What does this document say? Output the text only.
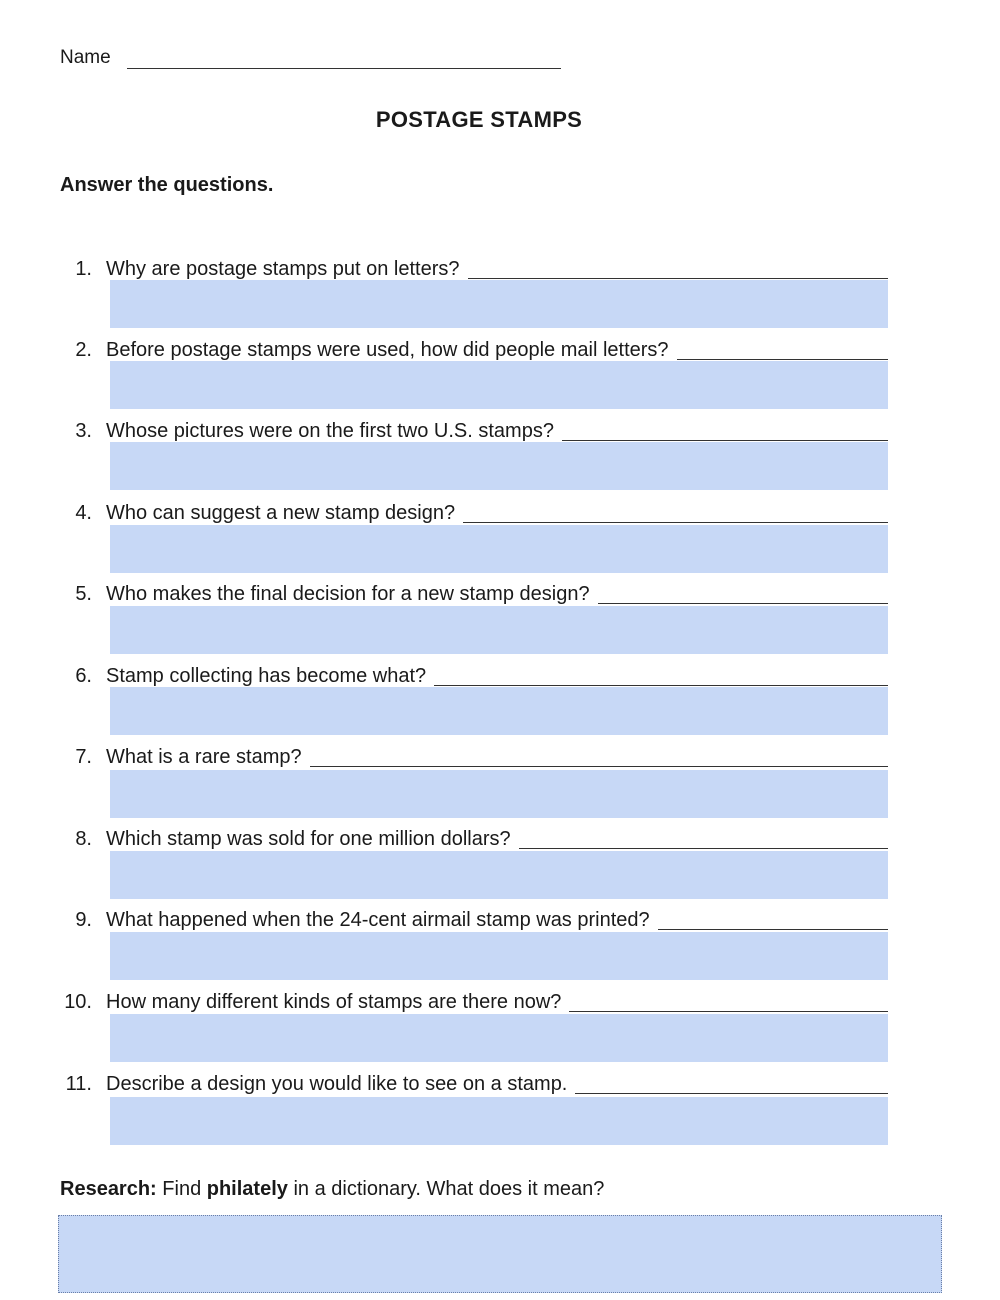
Name
POSTAGE STAMPS
Answer the questions.
1. Why are postage stamps put on letters?
2. Before postage stamps were used, how did people mail letters?
3. Whose pictures were on the first two U.S. stamps?
4. Who can suggest a new stamp design?
5. Who makes the final decision for a new stamp design?
6. Stamp collecting has become what?
7. What is a rare stamp?
8. Which stamp was sold for one million dollars?
9. What happened when the 24-cent airmail stamp was printed?
10. How many different kinds of stamps are there now?
11. Describe a design you would like to see on a stamp.
Research: Find philately in a dictionary. What does it mean?
